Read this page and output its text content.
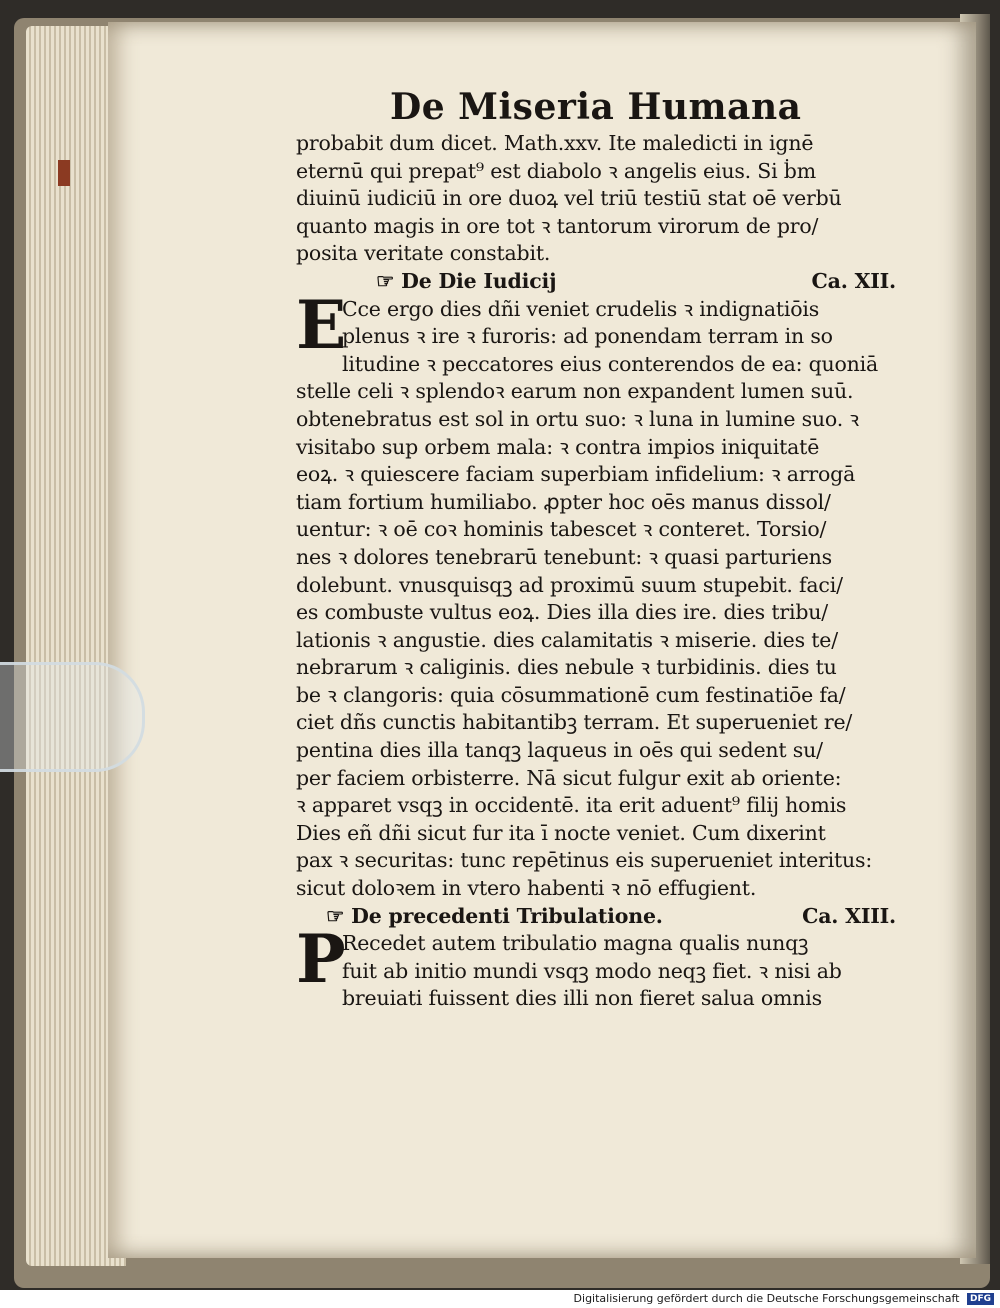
De Miseria Humana
probabit dum dicet. Math.xxv. Ite maledicti in ignē
eternū qui prepat⁹ est diabolo ꝛ angelis eius. Si ḃm
diuinū iudiciū in ore duoꝝ vel triū testiū stat oē verbū
quanto magis in ore tot ꝛ tantorum virorum de pro/
posita veritate constabit.
☞ De Die Iudicij	Ca. XII.
E
Cce ergo dies dñi veniet crudelis ꝛ indignatiōis
plenus ꝛ ire ꝛ furoris: ad ponendam terram in so
litudine ꝛ peccatores eius conterendos de ea: quoniā
stelle celi ꝛ splendoꝛ earum non expandent lumen suū.
obtenebratus est sol in ortu suo: ꝛ luna in lumine suo. ꝛ
visitabo sup orbem mala: ꝛ contra impios iniquitatē
eoꝝ. ꝛ quiescere faciam superbiam infidelium: ꝛ arrogā
tiam fortium humiliabo. ꝓpter hoc oēs manus dissol/
uentur: ꝛ oē coꝛ hominis tabescet ꝛ conteret. Torsio/
nes ꝛ dolores tenebrarū tenebunt: ꝛ quasi parturiens
dolebunt. vnusquisqꝫ ad proximū suum stupebit. faci/
es combuste vultus eoꝝ. Dies illa dies ire. dies tribu/
lationis ꝛ angustie. dies calamitatis ꝛ miserie. dies te/
nebrarum ꝛ caliginis. dies nebule ꝛ turbidinis. dies tu
be ꝛ clangoris: quia cōsummationē cum festinatiōe fa/
ciet dñs cunctis habitantibꝫ terram. Et superueniet re/
pentina dies illa tanqꝫ laqueus in oēs qui sedent su/
per faciem orbisterre. Nā sicut fulgur exit ab oriente:
ꝛ apparet vsqꝫ in occidentē. ita erit aduent⁹ filij homis
Dies eñ dñi sicut fur ita ī nocte veniet. Cum dixerint
pax ꝛ securitas: tunc repētinus eis superueniet interitus:
sicut doloꝛem in vtero habenti ꝛ nō effugient.
☞ De precedenti Tribulatione.	Ca. XIII.
P
Recedet autem tribulatio magna qualis nunqꝫ
fuit ab initio mundi vsqꝫ modo neqꝫ fiet. ꝛ nisi ab
breuiati fuissent dies illi non fieret salua omnis
Digitalisierung gefördert durch die Deutsche Forschungsgemeinschaft DFG
